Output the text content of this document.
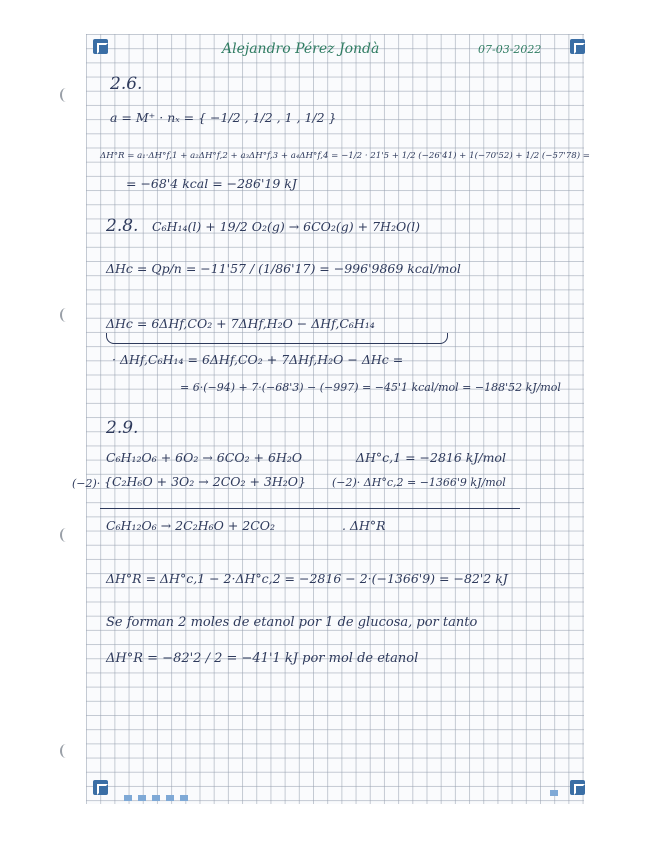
Alejandro Pérez Jondà	07-03-2022
2.6.
a = M⁺ · nₓ = { −1/2 , 1/2 , 1 , 1/2 }
ΔH°R = a₁·ΔH°f,1 + a₂ΔH°f,2 + a₃ΔH°f,3 + a₄ΔH°f,4 = −1/2 · 21'5 + 1/2 (−26'41) + 1(−70'52) + 1/2 (−57'78) =
= −68'4 kcal = −286'19 kJ
2.8. C₆H₁₄(l) + 19/2 O₂(g) → 6CO₂(g) + 7H₂O(l)
ΔHc = Qp/n = −11'57 / (1/86'17) = −996'9869 kcal/mol
ΔHc = 6ΔHf,CO₂ + 7ΔHf,H₂O − ΔHf,C₆H₁₄
· ΔHf,C₆H₁₄ = 6ΔHf,CO₂ + 7ΔHf,H₂O − ΔHc =
= 6·(−94) + 7·(−68'3) − (−997) = −45'1 kcal/mol = −188'52 kJ/mol
2.9.
C₆H₁₂O₆ + 6O₂ → 6CO₂ + 6H₂O	ΔH°c,1 = −2816 kJ/mol
(−2)· {C₂H₆O + 3O₂ → 2CO₂ + 3H₂O} (−2)· ΔH°c,2 = −1366'9 kJ/mol
C₆H₁₂O₆ → 2C₂H₆O + 2CO₂	. ΔH°R
ΔH°R = ΔH°c,1 − 2·ΔH°c,2 = −2816 − 2·(−1366'9) = −82'2 kJ
Se forman 2 moles de etanol por 1 de glucosa, por tanto
ΔH°R = −82'2 / 2 = −41'1 kJ por mol de etanol
